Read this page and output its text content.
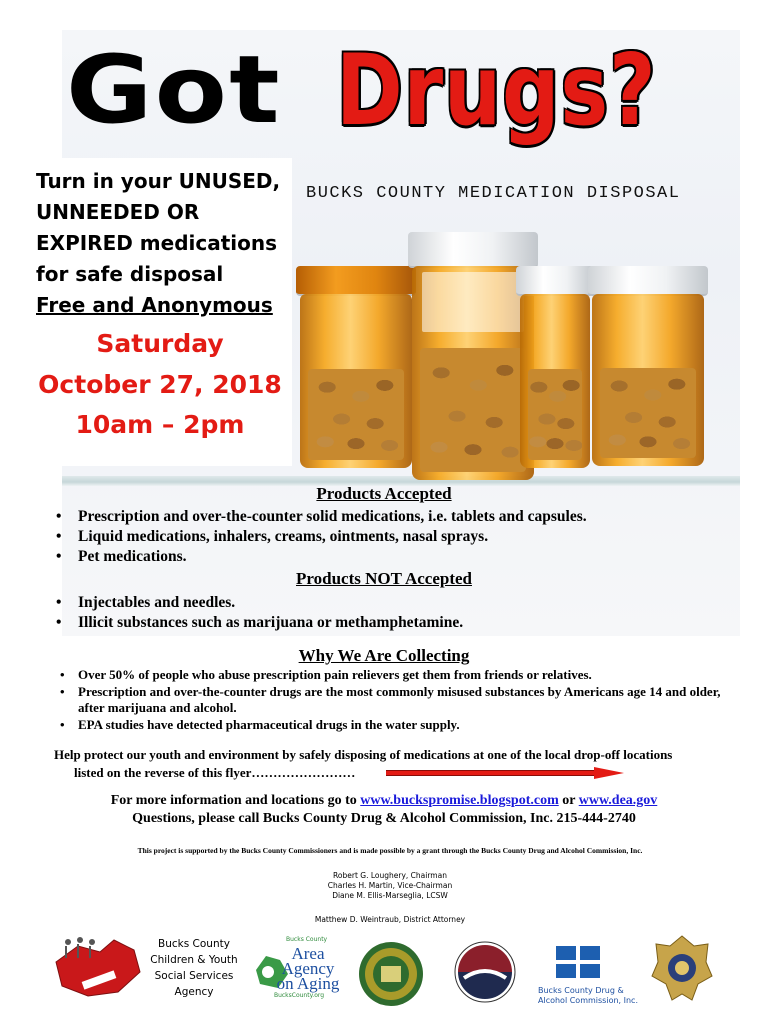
Got Drugs?
Turn in your UNUSED,
UNNEEDED OR
EXPIRED medications
for safe disposal
Free and Anonymous
Saturday
October 27, 2018
10am – 2pm
BUCKS COUNTY MEDICATION DISPOSAL
Products Accepted
• Prescription and over-the-counter solid medications, i.e. tablets and capsules.
• Liquid medications, inhalers, creams, ointments, nasal sprays.
• Pet medications.
Products NOT Accepted
• Injectables and needles.
• Illicit substances such as marijuana or methamphetamine.
Why We Are Collecting
• Over 50% of people who abuse prescription pain relievers get them from friends or relatives.
• Prescription and over-the-counter drugs are the most commonly misused substances by Americans age 14 and older, after marijuana and alcohol.
• EPA studies have detected pharmaceutical drugs in the water supply.
Help protect our youth and environment by safely disposing of medications at one of the local drop-off locations
listed on the reverse of this flyer……………………
For more information and locations go to www.buckspromise.blogspot.com or www.dea.gov
Questions, please call Bucks County Drug & Alcohol Commission, Inc. 215-444-2740
This project is supported by the Bucks County Commissioners and is made possible by a grant through the Bucks County Drug and Alcohol Commission, Inc.
Robert G. Loughery, Chairman
Charles H. Martin, Vice-Chairman
Diane M. Ellis-Marseglia, LCSW
Matthew D. Weintraub, District Attorney
Bucks County
Children & Youth
Social Services
Agency
Bucks County
Area Agency
on Aging
BucksCounty.org
Bucks County Drug & Alcohol Commission, Inc.
